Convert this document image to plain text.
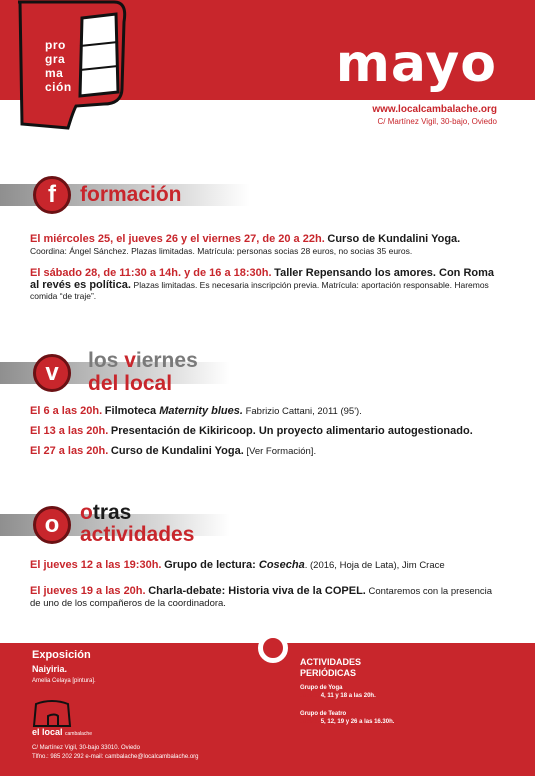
pro
gra
ma
ción	mayo
www.localcambalache.org
C/ Martínez Vigil, 30-bajo, Oviedo
f	formación
El miércoles 25, el jueves 26 y el viernes 27, de 20 a 22h. Curso de Kundalini Yoga.
Coordina: Ángel Sánchez. Plazas limitadas. Matrícula: personas socias 28 euros, no socias 35 euros.
El sábado 28, de 11:30 a 14h. y de 16 a 18:30h. Taller Repensando los amores. Con Roma al revés es política. Plazas limitadas. Es necesaria inscripción previa. Matrícula: aportación responsable. Haremos comida “de traje”.
v	los viernes
del local
El 6 a las 20h. Filmoteca Maternity blues. Fabrizio Cattani, 2011 (95').
El 13 a las 20h. Presentación de Kikiricoop. Un proyecto alimentario autogestionado.
El 27 a las 20h. Curso de Kundalini Yoga. [Ver Formación].
o otras
actividades
El jueves 12 a las 19:30h. Grupo de lectura: Cosecha. (2016, Hoja de Lata), Jim Crace
El jueves 19 a las 20h. Charla-debate: Historia viva de la COPEL. Contaremos con la presencia de uno de los compañeros de la coordinadora.
Exposición
Naiyiria.
Amelia Celaya [pintura].
el local cambalache
C/ Martínez Vigil, 30-bajo 33010. Oviedo
Tlfno.: 985 202 292 e-mail: cambalache@localcambalache.org
ACTIVIDADES PERIÓDICAS
Grupo de Yoga
Jueves 4, 11 y 18 a las 20h.
Grupo de Teatro
Jueves 5, 12, 19 y 26 a las 16.30h.
